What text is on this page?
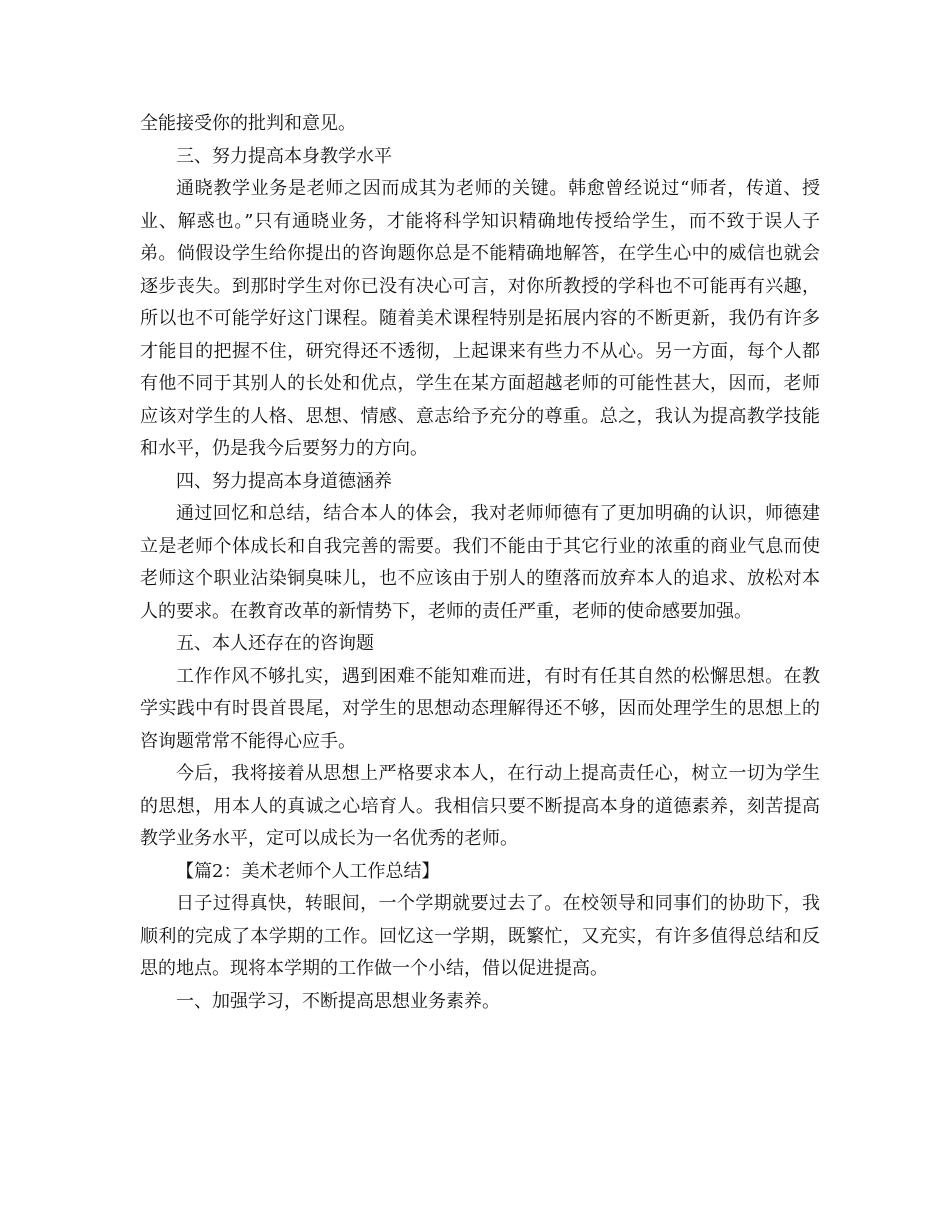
全能接受你的批判和意见。

三、努力提高本身教学水平

通晓教学业务是老师之因而成其为老师的关键。韩愈曾经说过“师者，传道、授业、解惑也。”只有通晓业务，才能将科学知识精确地传授给学生，而不致于误人子弟。倘假设学生给你提出的咨询题你总是不能精确地解答，在学生心中的威信也就会逐步丧失。到那时学生对你已没有决心可言，对你所教授的学科也不可能再有兴趣，所以也不可能学好这门课程。随着美术课程特别是拓展内容的不断更新，我仍有许多才能目的把握不住，研究得还不透彻，上起课来有些力不从心。另一方面，每个人都有他不同于其别人的长处和优点，学生在某方面超越老师的可能性甚大，因而，老师应该对学生的人格、思想、情感、意志给予充分的尊重。总之，我认为提高教学技能和水平，仍是我今后要努力的方向。

四、努力提高本身道德涵养

通过回忆和总结，结合本人的体会，我对老师师德有了更加明确的认识，师德建立是老师个体成长和自我完善的需要。我们不能由于其它行业的浓重的商业气息而使老师这个职业沾染铜臭味儿，也不应该由于别人的堕落而放弃本人的追求、放松对本人的要求。在教育改革的新情势下，老师的责任严重，老师的使命感要加强。

五、本人还存在的咨询题

工作作风不够扎实，遇到困难不能知难而进，有时有任其自然的松懈思想。在教学实践中有时畏首畏尾，对学生的思想动态理解得还不够，因而处理学生的思想上的咨询题常常不能得心应手。

今后，我将接着从思想上严格要求本人，在行动上提高责任心，树立一切为学生的思想，用本人的真诚之心培育人。我相信只要不断提高本身的道德素养，刻苦提高教学业务水平，定可以成长为一名优秀的老师。

【篇2：美术老师个人工作总结】

日子过得真快，转眼间，一个学期就要过去了。在校领导和同事们的协助下，我顺利的完成了本学期的工作。回忆这一学期，既繁忙，又充实，有许多值得总结和反思的地点。现将本学期的工作做一个小结，借以促进提高。

一、加强学习，不断提高思想业务素养。
